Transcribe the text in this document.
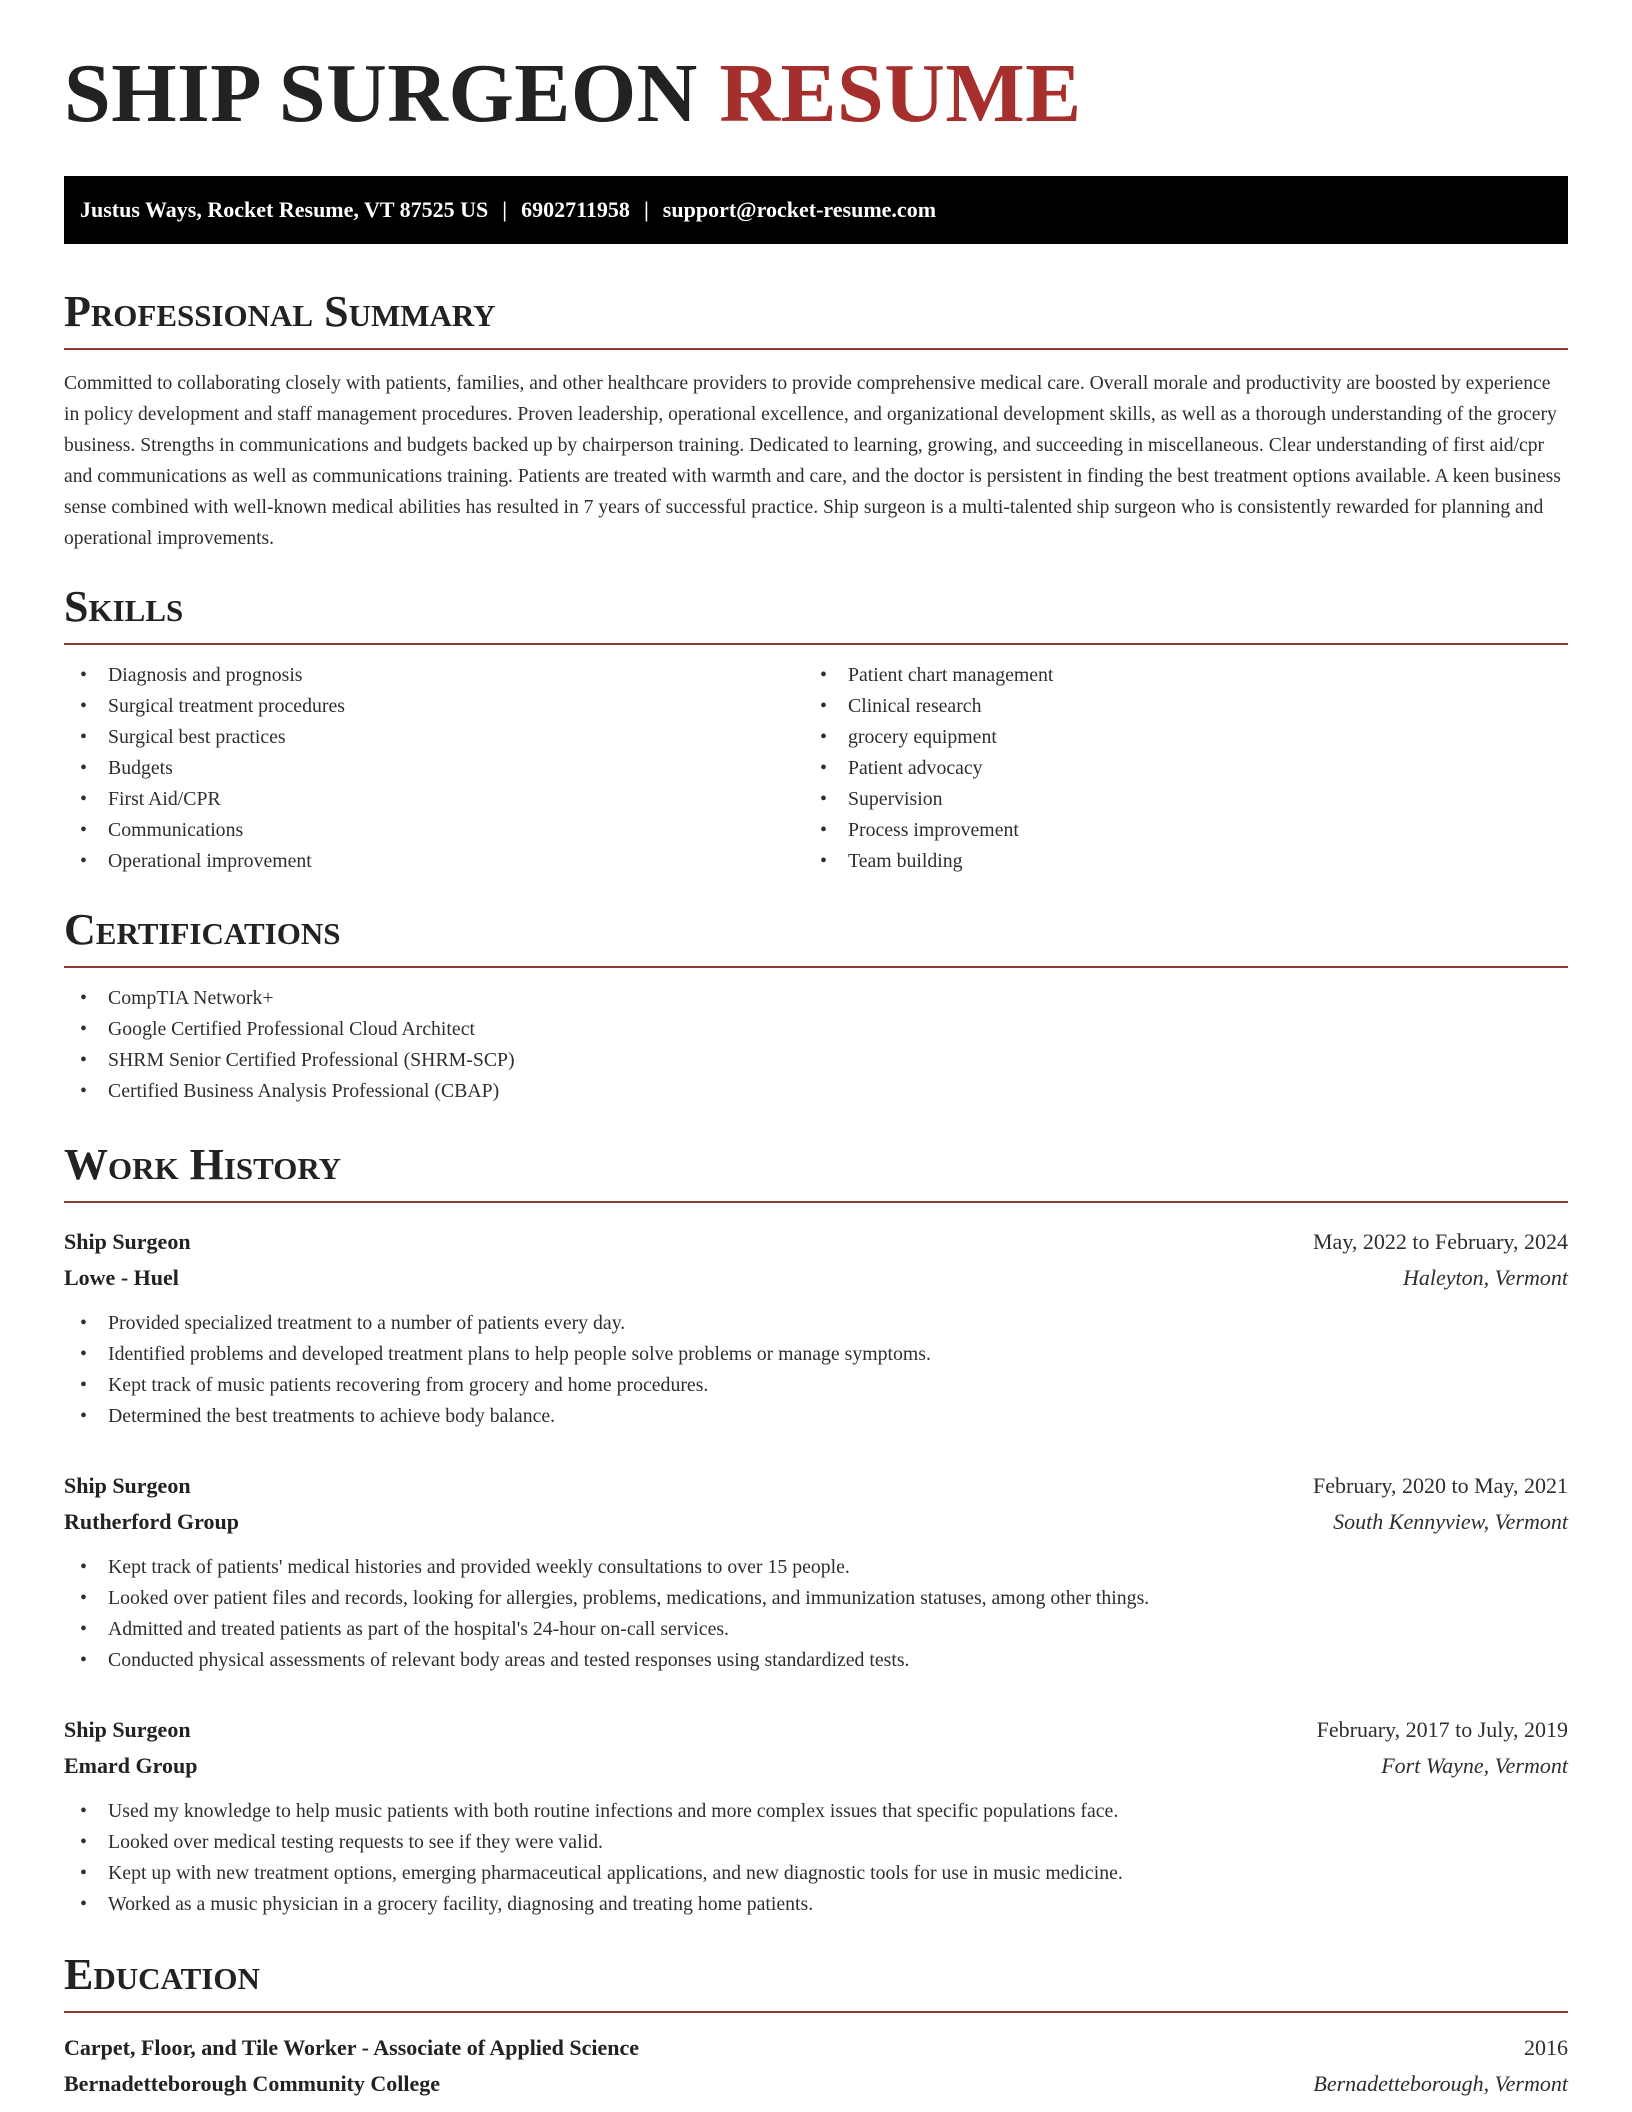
SHIP SURGEON RESUME
Justus Ways, Rocket Resume, VT 87525 US | 6902711958 | support@rocket-resume.com
Professional Summary

Committed to collaborating closely with patients, families, and other healthcare providers to provide comprehensive medical care. Overall morale and productivity are boosted by experience in policy development and staff management procedures. Proven leadership, operational excellence, and organizational development skills, as well as a thorough understanding of the grocery business. Strengths in communications and budgets backed up by chairperson training. Dedicated to learning, growing, and succeeding in miscellaneous. Clear understanding of first aid/cpr and communications as well as communications training. Patients are treated with warmth and care, and the doctor is persistent in finding the best treatment options available. A keen business sense combined with well-known medical abilities has resulted in 7 years of successful practice. Ship surgeon is a multi-talented ship surgeon who is consistently rewarded for planning and operational improvements.

Skills
• Diagnosis and prognosis
• Surgical treatment procedures
• Surgical best practices
• Budgets
• First Aid/CPR
• Communications
• Operational improvement
• Patient chart management
• Clinical research
• grocery equipment
• Patient advocacy
• Supervision
• Process improvement
• Team building
Certifications
• CompTIA Network+
• Google Certified Professional Cloud Architect
• SHRM Senior Certified Professional (SHRM-SCP)
• Certified Business Analysis Professional (CBAP)
Work History
Ship Surgeon	May, 2022 to February, 2024
Lowe - Huel	Haleyton, Vermont
• Provided specialized treatment to a number of patients every day.
• Identified problems and developed treatment plans to help people solve problems or manage symptoms.
• Kept track of music patients recovering from grocery and home procedures.
• Determined the best treatments to achieve body balance.
Ship Surgeon	February, 2020 to May, 2021
Rutherford Group	South Kennyview, Vermont
• Kept track of patients' medical histories and provided weekly consultations to over 15 people.
• Looked over patient files and records, looking for allergies, problems, medications, and immunization statuses, among other things.
• Admitted and treated patients as part of the hospital's 24-hour on-call services.
• Conducted physical assessments of relevant body areas and tested responses using standardized tests.
Ship Surgeon	February, 2017 to July, 2019
Emard Group	Fort Wayne, Vermont
• Used my knowledge to help music patients with both routine infections and more complex issues that specific populations face.
• Looked over medical testing requests to see if they were valid.
• Kept up with new treatment options, emerging pharmaceutical applications, and new diagnostic tools for use in music medicine.
• Worked as a music physician in a grocery facility, diagnosing and treating home patients.
Education
Carpet, Floor, and Tile Worker - Associate of Applied Science	2016
Bernadetteborough Community College	Bernadetteborough, Vermont
